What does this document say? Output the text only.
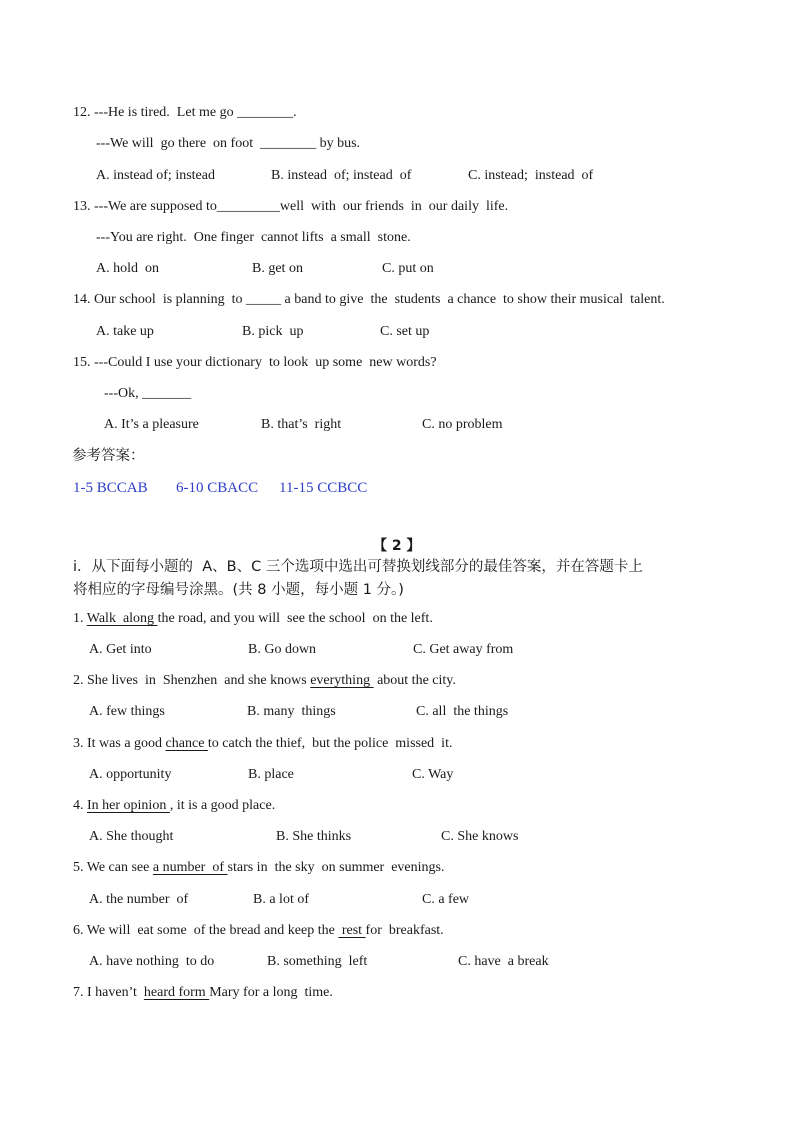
12. ---He is tired.  Let me go ________.
---We will  go there  on foot  ________ by bus.
A. instead of; instead	B. instead  of; instead  of	C. instead;  instead  of
13. ---We are supposed to_________well  with  our friends  in  our daily  life.
---You are right.  One finger  cannot lifts  a small  stone.
A. hold  on	B. get on	C. put on
14. Our school  is planning  to _____ a band to give  the  students  a chance  to show their musical  talent.
A. take up	B. pick  up	C. set up
15. ---Could I use your dictionary  to look  up some  new words?
---Ok, _______
A. It’s a pleasure	B. that’s  right	C. no problem
参考答案：
1-5 BCCAB 6-10 CBACC 11-15 CCBCC
【 2 】
ⅰ．从下面每小题的  A、B、C 三个选项中选出可替换划线部分的最佳答案，并在答题卡上
将相应的字母编号涂黑。(共 8 小题，每小题 1 分。)
1. Walk  along the road, and you will  see the school  on the left.
A. Get into	B. Go down	C. Get away from
2. She lives  in  Shenzhen  and she knows everything  about the city.
A. few things	B. many  things	C. all  the things
3. It was a good chance to catch the thief,  but the police  missed  it.
A. opportunity	B. place	C. Way
4. In her opinion , it is a good place.
A. She thought	B. She thinks	C. She knows
5. We can see a number  of stars in  the sky  on summer  evenings.
A. the number  of	B. a lot of	C. a few
6. We will  eat some  of the bread and keep the  rest for  breakfast.
A. have nothing  to do	B. something  left	C. have  a break
7. I haven’t  heard form Mary for a long  time.
